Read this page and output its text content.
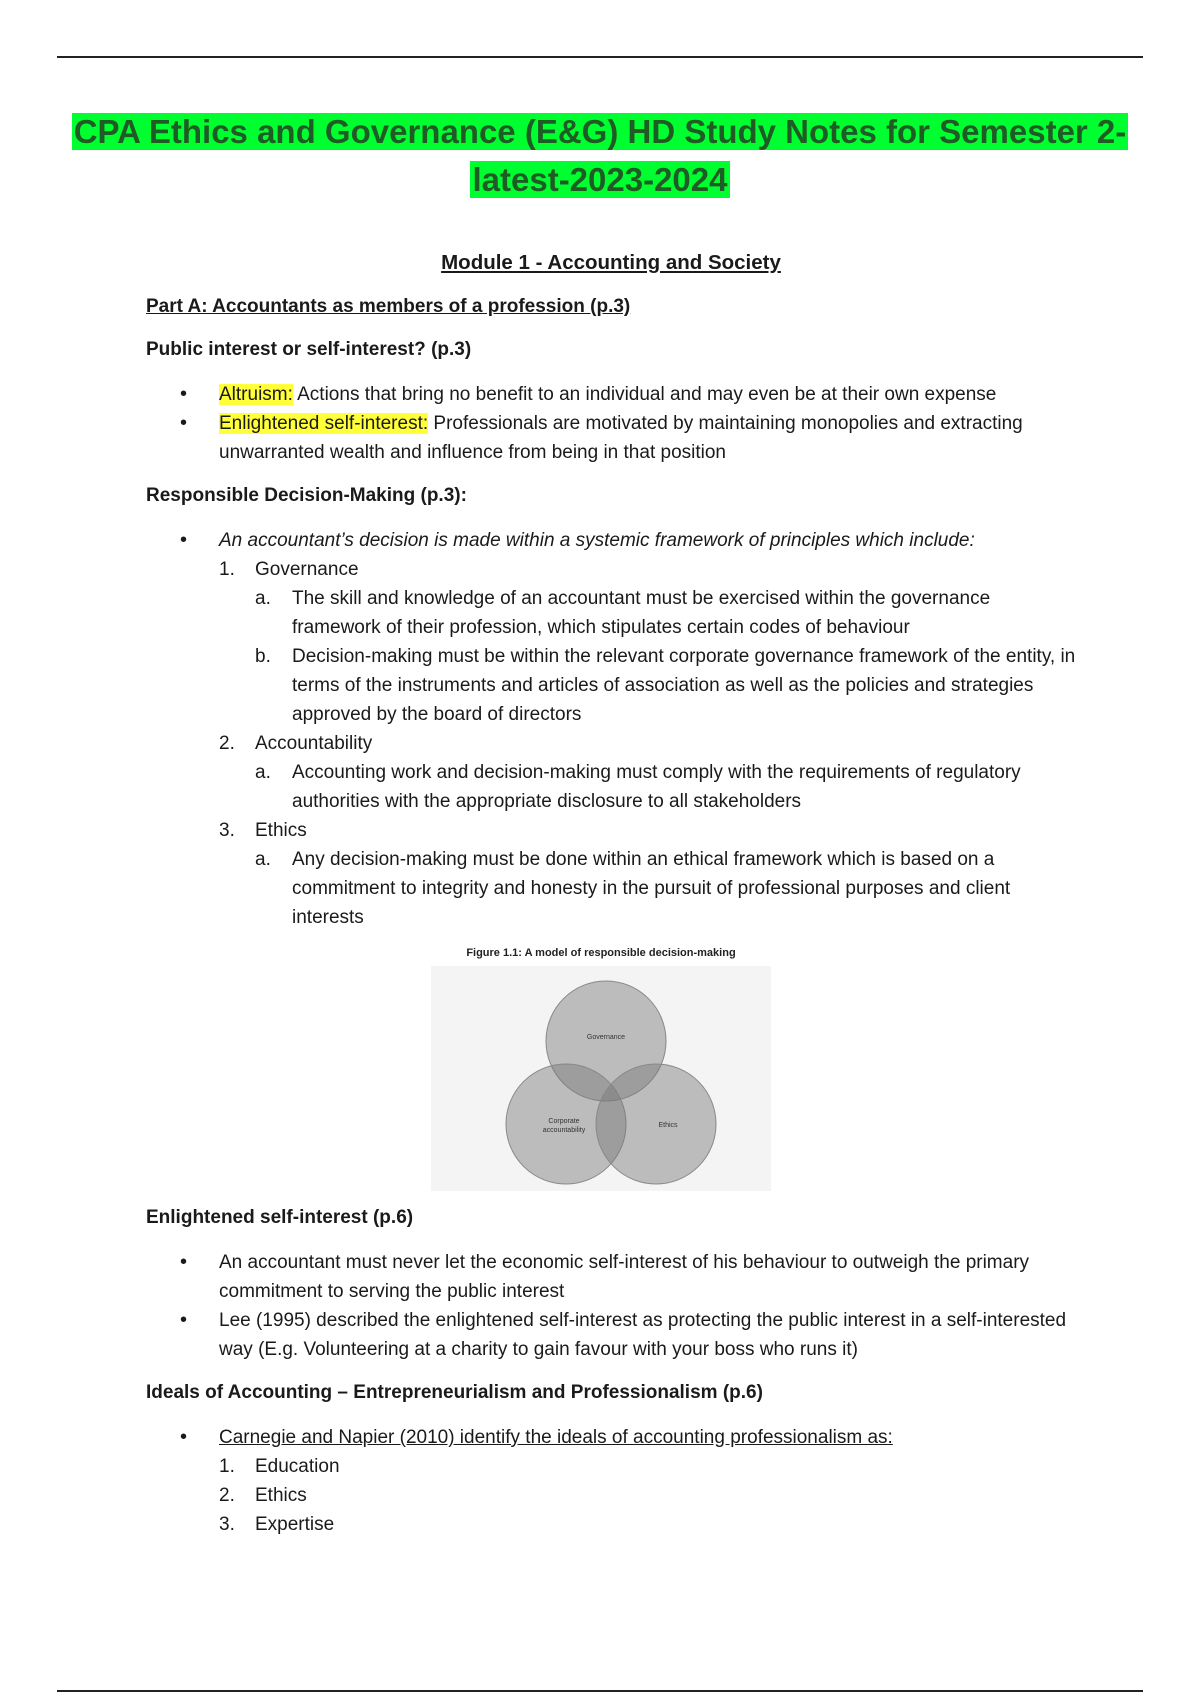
CPA Ethics and Governance (E&G) HD Study Notes for Semester 2- latest-2023-2024
Module 1 - Accounting and Society
Part A: Accountants as members of a profession (p.3)
Public interest or self-interest? (p.3)
• Altruism: Actions that bring no benefit to an individual and may even be at their own expense
• Enlightened self-interest: Professionals are motivated by maintaining monopolies and extracting unwarranted wealth and influence from being in that position
Responsible Decision-Making (p.3):
• An accountant’s decision is made within a systemic framework of principles which include:
1. Governance
a. The skill and knowledge of an accountant must be exercised within the governance framework of their profession, which stipulates certain codes of behaviour
b. Decision-making must be within the relevant corporate governance framework of the entity, in terms of the instruments and articles of association as well as the policies and strategies approved by the board of directors
2. Accountability
a. Accounting work and decision-making must comply with the requirements of regulatory authorities with the appropriate disclosure to all stakeholders
3. Ethics
a. Any decision-making must be done within an ethical framework which is based on a commitment to integrity and honesty in the pursuit of professional purposes and client interests
Figure 1.1: A model of responsible decision-making
Governance
Corporate
accountability
Ethics
Enlightened self-interest (p.6)
• An accountant must never let the economic self-interest of his behaviour to outweigh the primary commitment to serving the public interest
• Lee (1995) described the enlightened self-interest as protecting the public interest in a self-interested way (E.g. Volunteering at a charity to gain favour with your boss who runs it)
Ideals of Accounting – Entrepreneurialism and Professionalism (p.6)
• Carnegie and Napier (2010) identify the ideals of accounting professionalism as:
1. Education
2. Ethics
3. Expertise
